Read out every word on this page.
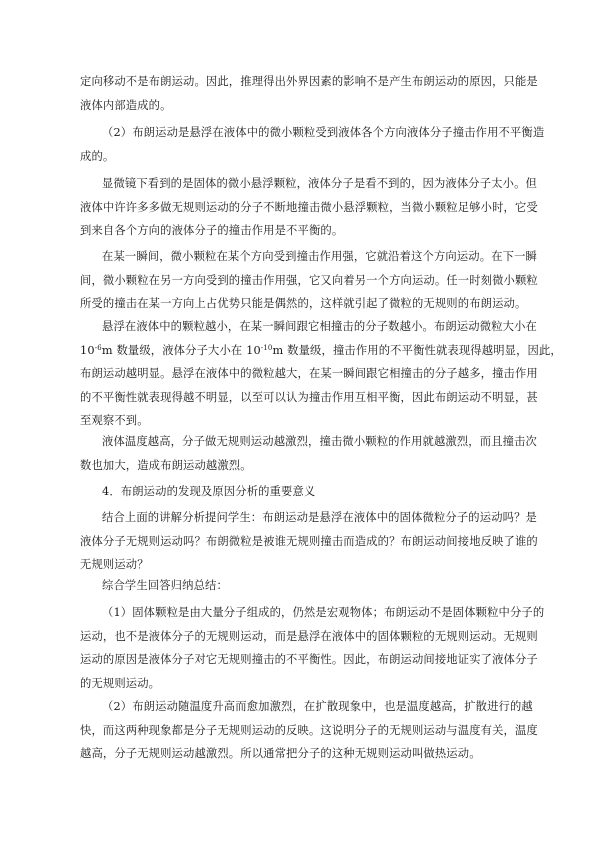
定向移动不是布朗运动。因此，推理得出外界因素的影响不是产生布朗运动的原因，只能是
液体内部造成的。

（2）布朗运动是悬浮在液体中的微小颗粒受到液体各个方向液体分子撞击作用不平衡造
成的。

显微镜下看到的是固体的微小悬浮颗粒，液体分子是看不到的，因为液体分子太小。但
液体中许许多多做无规则运动的分子不断地撞击微小悬浮颗粒，当微小颗粒足够小时，它受
到来自各个方向的液体分子的撞击作用是不平衡的。

在某一瞬间，微小颗粒在某个方向受到撞击作用强，它就沿着这个方向运动。在下一瞬
间，微小颗粒在另一方向受到的撞击作用强，它又向着另一个方向运动。任一时刻微小颗粒
所受的撞击在某一方向上占优势只能是偶然的，这样就引起了微粒的无规则的布朗运动。

悬浮在液体中的颗粒越小，在某一瞬间跟它相撞击的分子数越小。布朗运动微粒大小在
$10^{-6}m$ 数量级，液体分子大小在 $10^{-10}m$ 数量级，撞击作用的不平衡性就表现得越明显，因此，
布朗运动越明显。悬浮在液体中的微粒越大，在某一瞬间跟它相撞击的分子越多，撞击作用
的不平衡性就表现得越不明显，以至可以认为撞击作用互相平衡，因此布朗运动不明显，甚
至观察不到。

液体温度越高，分子做无规则运动越激烈，撞击微小颗粒的作用就越激烈，而且撞击次
数也加大，造成布朗运动越激烈。

4．布朗运动的发现及原因分析的重要意义

结合上面的讲解分析提问学生：布朗运动是悬浮在液体中的固体微粒分子的运动吗？是
液体分子无规则运动吗？布朗微粒是被谁无规则撞击而造成的？布朗运动间接地反映了谁的
无规则运动？

综合学生回答归纳总结：

（1）固体颗粒是由大量分子组成的，仍然是宏观物体；布朗运动不是固体颗粒中分子的
运动，也不是液体分子的无规则运动，而是悬浮在液体中的固体颗粒的无规则运动。无规则
运动的原因是液体分子对它无规则撞击的不平衡性。因此，布朗运动间接地证实了液体分子
的无规则运动。

（2）布朗运动随温度升高而愈加激烈，在扩散现象中，也是温度越高，扩散进行的越
快，而这两种现象都是分子无规则运动的反映。这说明分子的无规则运动与温度有关，温度
越高，分子无规则运动越激烈。所以通常把分子的这种无规则运动叫做热运动。
